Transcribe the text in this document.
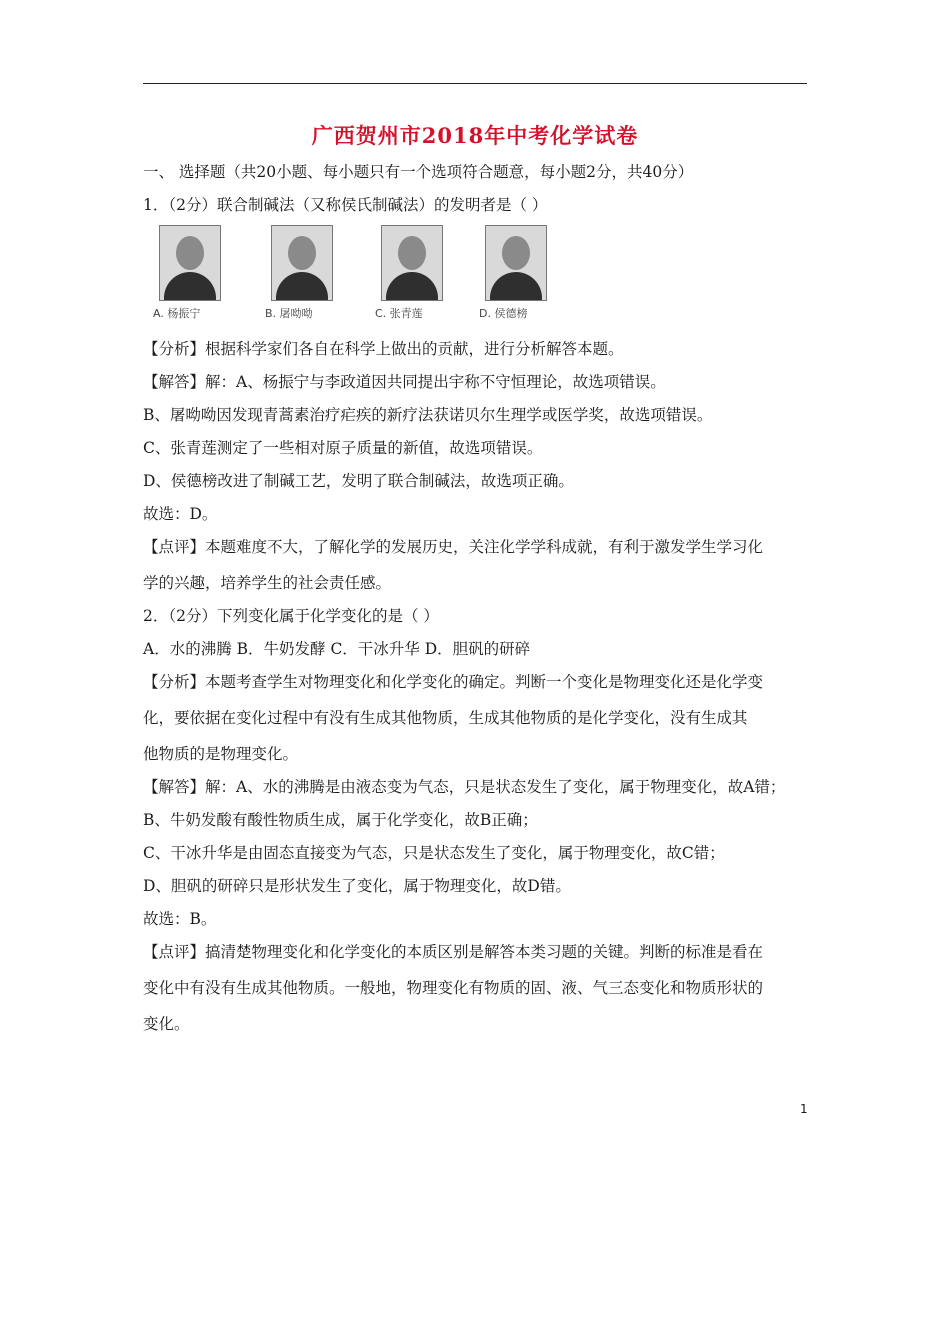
广西贺州市2018年中考化学试卷

一、 选择题（共20小题、每小题只有一个选项符合题意，每小题2分，共40分）

1．（2分）联合制碱法（又称侯氏制碱法）的发明者是（ ）

A. 杨振宁	B. 屠呦呦	C. 张青莲	D. 侯德榜

【分析】根据科学家们各自在科学上做出的贡献，进行分析解答本题。

【解答】解：A、杨振宁与李政道因共同提出宇称不守恒理论，故选项错误。

B、屠呦呦因发现青蒿素治疗疟疾的新疗法获诺贝尔生理学或医学奖，故选项错误。

C、张青莲测定了一些相对原子质量的新值，故选项错误。

D、侯德榜改进了制碱工艺，发明了联合制碱法，故选项正确。

故选：D。

【点评】本题难度不大，了解化学的发展历史，关注化学学科成就，有利于激发学生学习化

学的兴趣，培养学生的社会责任感。

2．（2分）下列变化属于化学变化的是（ ）

A．水的沸腾 B．牛奶发酵 C．干冰升华 D．胆矾的研碎

【分析】本题考查学生对物理变化和化学变化的确定。判断一个变化是物理变化还是化学变

化，要依据在变化过程中有没有生成其他物质，生成其他物质的是化学变化，没有生成其

他物质的是物理变化。

【解答】解：A、水的沸腾是由液态变为气态，只是状态发生了变化，属于物理变化，故A错；

B、牛奶发酸有酸性物质生成，属于化学变化，故B正确；

C、干冰升华是由固态直接变为气态，只是状态发生了变化，属于物理变化，故C错；

D、胆矾的研碎只是形状发生了变化，属于物理变化，故D错。

故选：B。

【点评】搞清楚物理变化和化学变化的本质区别是解答本类习题的关键。判断的标准是看在

变化中有没有生成其他物质。一般地，物理变化有物质的固、液、气三态变化和物质形状的

变化。

1
